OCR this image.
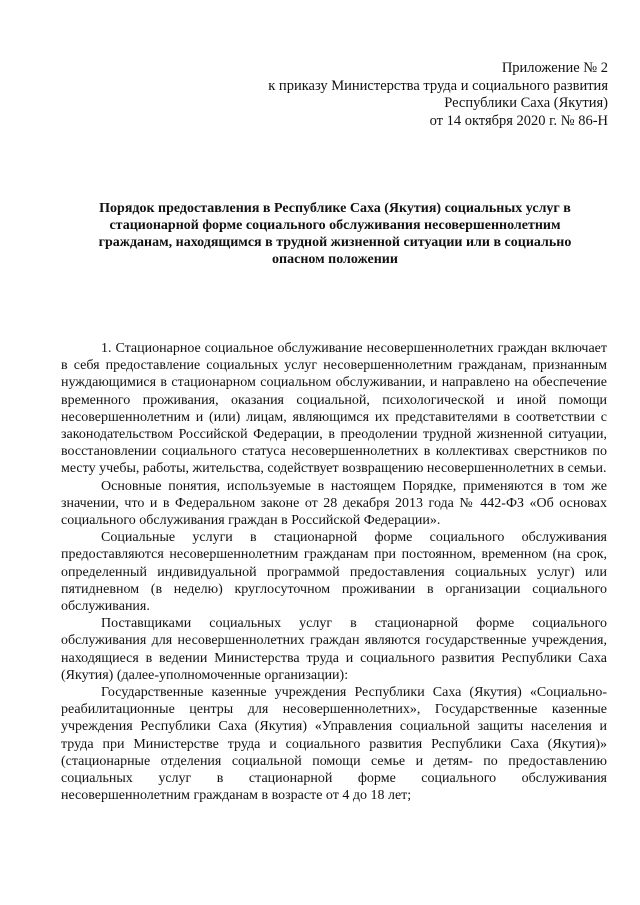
Приложение № 2
к приказу Министерства труда и социального развития
Республики Саха (Якутия)
от 14 октября 2020 г. № 86-Н
Порядок предоставления в Республике Саха (Якутия) социальных услуг в стационарной форме социального обслуживания несовершеннолетним гражданам, находящимся в трудной жизненной ситуации или в социально опасном положении

1. Стационарное социальное обслуживание несовершеннолетних граждан включает в себя предоставление социальных услуг несовершеннолетним гражданам, признанным нуждающимися в стационарном социальном обслуживании, и направлено на обеспечение временного проживания, оказания социальной, психологической и иной помощи несовершеннолетним и (или) лицам, являющимся их представителями в соответствии с законодательством Российской Федерации, в преодолении трудной жизненной ситуации, восстановлении социального статуса несовершеннолетних в коллективах сверстников по месту учебы, работы, жительства, содействует возвращению несовершеннолетних в семьи.

Основные понятия, используемые в настоящем Порядке, применяются в том же значении, что и в Федеральном законе от 28 декабря 2013 года № 442-ФЗ «Об основах социального обслуживания граждан в Российской Федерации».

Социальные услуги в стационарной форме социального обслуживания предоставляются несовершеннолетним гражданам при постоянном, временном (на срок, определенный индивидуальной программой предоставления социальных услуг) или пятидневном (в неделю) круглосуточном проживании в организации социального обслуживания.

Поставщиками социальных услуг в стационарной форме социального обслуживания для несовершеннолетних граждан являются государственные учреждения, находящиеся в ведении Министерства труда и социального развития Республики Саха (Якутия) (далее-уполномоченные организации):

Государственные казенные учреждения Республики Саха (Якутия) «Социально-реабилитационные центры для несовершеннолетних», Государственные казенные учреждения Республики Саха (Якутия) «Управления социальной защиты населения и труда при Министерстве труда и социального развития Республики Саха (Якутия)» (стационарные отделения социальной помощи семье и детям- по предоставлению социальных услуг в стационарной форме социального обслуживания несовершеннолетним гражданам в возрасте от 4 до 18 лет;
